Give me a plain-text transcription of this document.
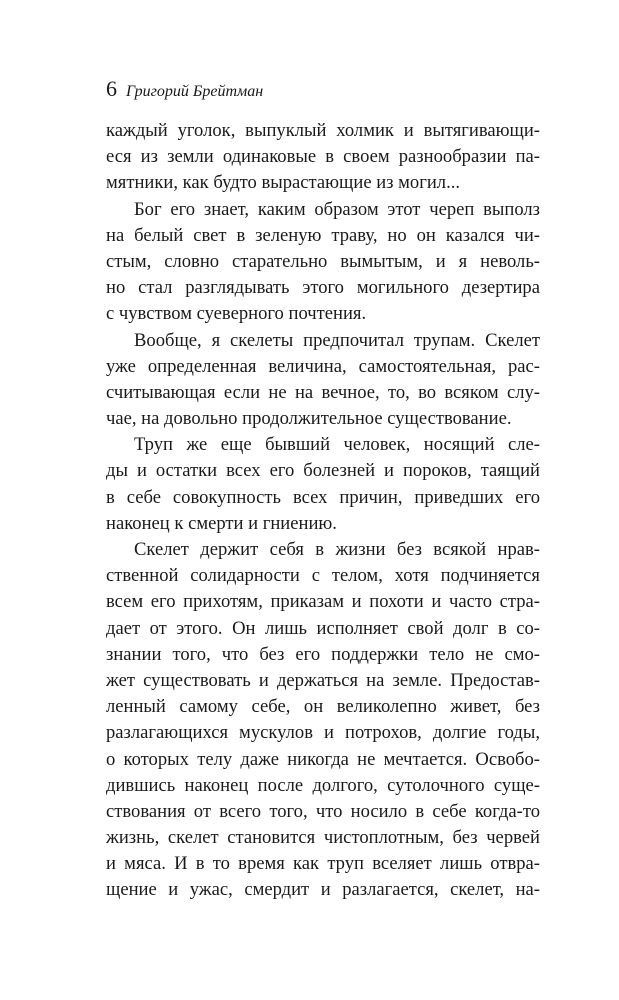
6 Григорий Брейтман
каждый уголок, выпуклый холмик и вытягивающи-
еся из земли одинаковые в своем разнообразии па-
мятники, как будто вырастающие из могил...
Бог его знает, каким образом этот череп выполз
на белый свет в зеленую траву, но он казался чи-
стым, словно старательно вымытым, и я неволь-
но стал разглядывать этого могильного дезертира
с чувством суеверного почтения.
Вообще, я скелеты предпочитал трупам. Скелет
уже определенная величина, самостоятельная, рас-
считывающая если не на вечное, то, во всяком слу-
чае, на довольно продолжительное существование.
Труп же еще бывший человек, носящий сле-
ды и остатки всех его болезней и пороков, таящий
в себе совокупность всех причин, приведших его
наконец к смерти и гниению.
Скелет держит себя в жизни без всякой нрав-
ственной солидарности с телом, хотя подчиняется
всем его прихотям, приказам и похоти и часто стра-
дает от этого. Он лишь исполняет свой долг в со-
знании того, что без его поддержки тело не смо-
жет существовать и держаться на земле. Предостав-
ленный самому себе, он великолепно живет, без
разлагающихся мускулов и потрохов, долгие годы,
о которых телу даже никогда не мечтается. Освобо-
дившись наконец после долгого, сутолочного суще-
ствования от всего того, что носило в себе когда-то
жизнь, скелет становится чистоплотным, без червей
и мяса. И в то время как труп вселяет лишь отвра-
щение и ужас, смердит и разлагается, скелет, на-
